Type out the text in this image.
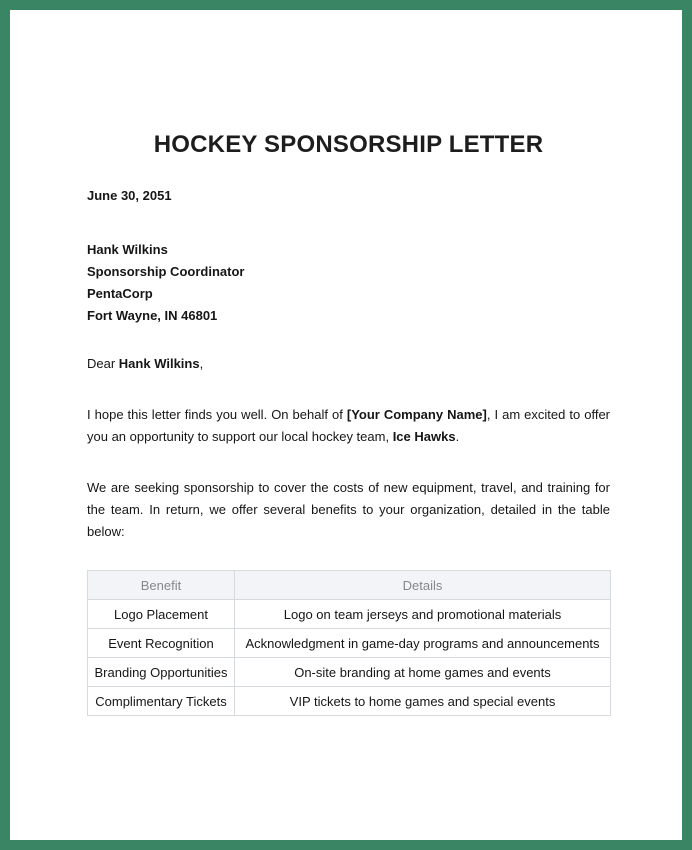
HOCKEY SPONSORSHIP LETTER
June 30, 2051
Hank Wilkins
Sponsorship Coordinator
PentaCorp
Fort Wayne, IN 46801
Dear Hank Wilkins,
I hope this letter finds you well. On behalf of [Your Company Name], I am excited to offer you an opportunity to support our local hockey team, Ice Hawks.
We are seeking sponsorship to cover the costs of new equipment, travel, and training for the team. In return, we offer several benefits to your organization, detailed in the table below:
Benefit	Details
Logo Placement	Logo on team jerseys and promotional materials
Event Recognition	Acknowledgment in game-day programs and announcements
Branding Opportunities	On-site branding at home games and events
Complimentary Tickets	VIP tickets to home games and special events
